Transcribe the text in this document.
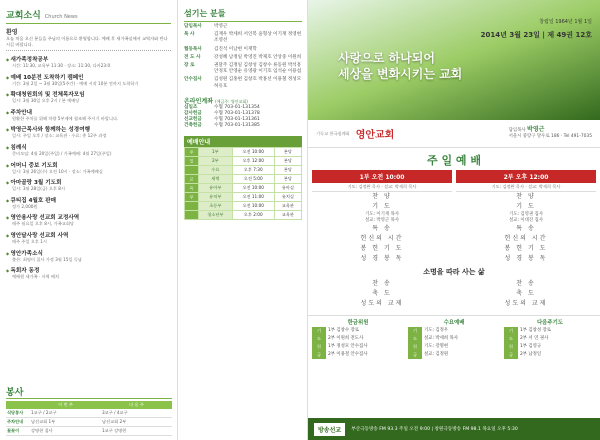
교회소식 Church News
환영
오늘 처음 오신 분들을 주님의 이름으로 환영합니다. 예배 후 새가족실에서 교역자와 만나시길 바랍니다.
◆ 새가족정착공부
시간: 11:30, 교육부 11:30 · 장소: 11:30, 다카23:0
◆ 예배 10분전 도착하기 캠페인
기간: 3월 2일 ~ 3월 30일(5주간) · 예배 시작 10분 전까지 도착하기
◆ 확대청원회의 및 전체목자모임
일시: 3월 30일 오후 2시 / 본 예배당
◆ 주차안내
원활한 주차를 위해 차량 5부제에 협조해 주시기 바랍니다.
◆ 박영근목사와 함께하는 성경여행
일시: 주일 오후 / 장소: 교육관 · 수료: 총 12주 과정
◆ 침례식
준비모임: 4월 20일(주일) / 가족예배: 4월 27일(주일)
◆ 어머니 중보 기도회
일시: 3월 26일(수) 오전 10시 · 장소: 가족예배실
◆ 아마골랑 3월 기도회
일시: 3월 28일(금) 오후 8시
◆ 큐티집 4월호 판매
정가 2,000원
◆ 영안용사랑 선교회 교정사역
매주 월요일 오후 8시, 가족교회당
◆ 영안달사랑 선교회 사역
매주 주일 오후 1시
◆ 영안가족소식
출산: 최영미 집사 가정 3월 15일 득남
◆ 독회자 동정
예배원 새가족 · 사역 배치
봉사
	이 번 주	다 음 주
식당봉사	1교구 / 2교구	3교구 / 4교구
주차안내	남선교회 1부	남선교회 2부
꽃꽂이	강명현 집사	1교구 강명현
섬기는 분들
담임목사	박영근
목 사	김재우 박세희 서인복 윤형상 이기재 정영현 조영선
협동목사	김진석 이남현 이재학
전 도 사	강성혜 남정일 박영진 박제호 안상중 이원희
장 로	권달주 김정일 김창성 김창수 류동원 박석흥 안경호 안영순 유영광 이기호 임석순 이용섭
안수집사	김성원 김홍현 김창호 박홍선 이용철 정성모 허유호
온라인계좌 (예금주: 영안교회)
십일조	수협 703-01-131354
감사헌금	수협 703-01-131378
선교헌금	수협 703-01-131361
건축헌금	수협 703-01-131385
예배안내
주	1부	오전 10:00	본당
일	2부	오후 12:00	본당
	수요	오후 7:30	본당
교	새벽	오전 5:00	본당
육	유아부	오전 10:00	유아실
부	유치부	오전 11:00	유치실
	초등부	오전 10:00	교육관
	청소년부	오후 2:00	교육관
창립일 1964년 1월 1일
2014년 3월 23일 | 제 49권 12호
사랑으로 하나되어
세상을 변화시키는 교회
기독교 한국침례회 영안교회	담임목사 박영근
서울시 중랑구 망우로 186 · Tel 491-7035
주 일 예 배
1부 오전 10:00
기도: 김정완 목사 · 설교: 박세희 목사
찬 양
기 도
기도: 이기재 목사
설교: 박영근 목사
특 송
헌신의 시간
봉 헌 기 도
성 경 봉 독
2부 오후 12:00
기도: 김정완 목사 · 설교: 박세희 목사
찬 양
기 도
기도: 김영권 집사
설교: 이대진 집사
특 송
헌신의 시간
봉 헌 기 도
성 경 봉 독
소명을 따라 사는 삶
찬 송
축 도
성도의 교제
찬 송
축 도
성도의 교제
한금위원
기	1부 김창수 장로
도	2부 이원희 전도사
헌	1부 정성모 안수집사
금	2부 이용철 안수집사
수요예배
기	기도: 김정우
도	설교: 박세희 목사
헌	기도: 강명현
금	설교: 김정원
다음주기도
기	1부 김창성 장로
도	2부 서 연 권사
헌	1부 김영규
금	2부 남정일
방송선교	부산극동방송 FM 93.3 주일 오전 9:00 | 창원극동방송 FM 98.1 목요일 오후 5:30
